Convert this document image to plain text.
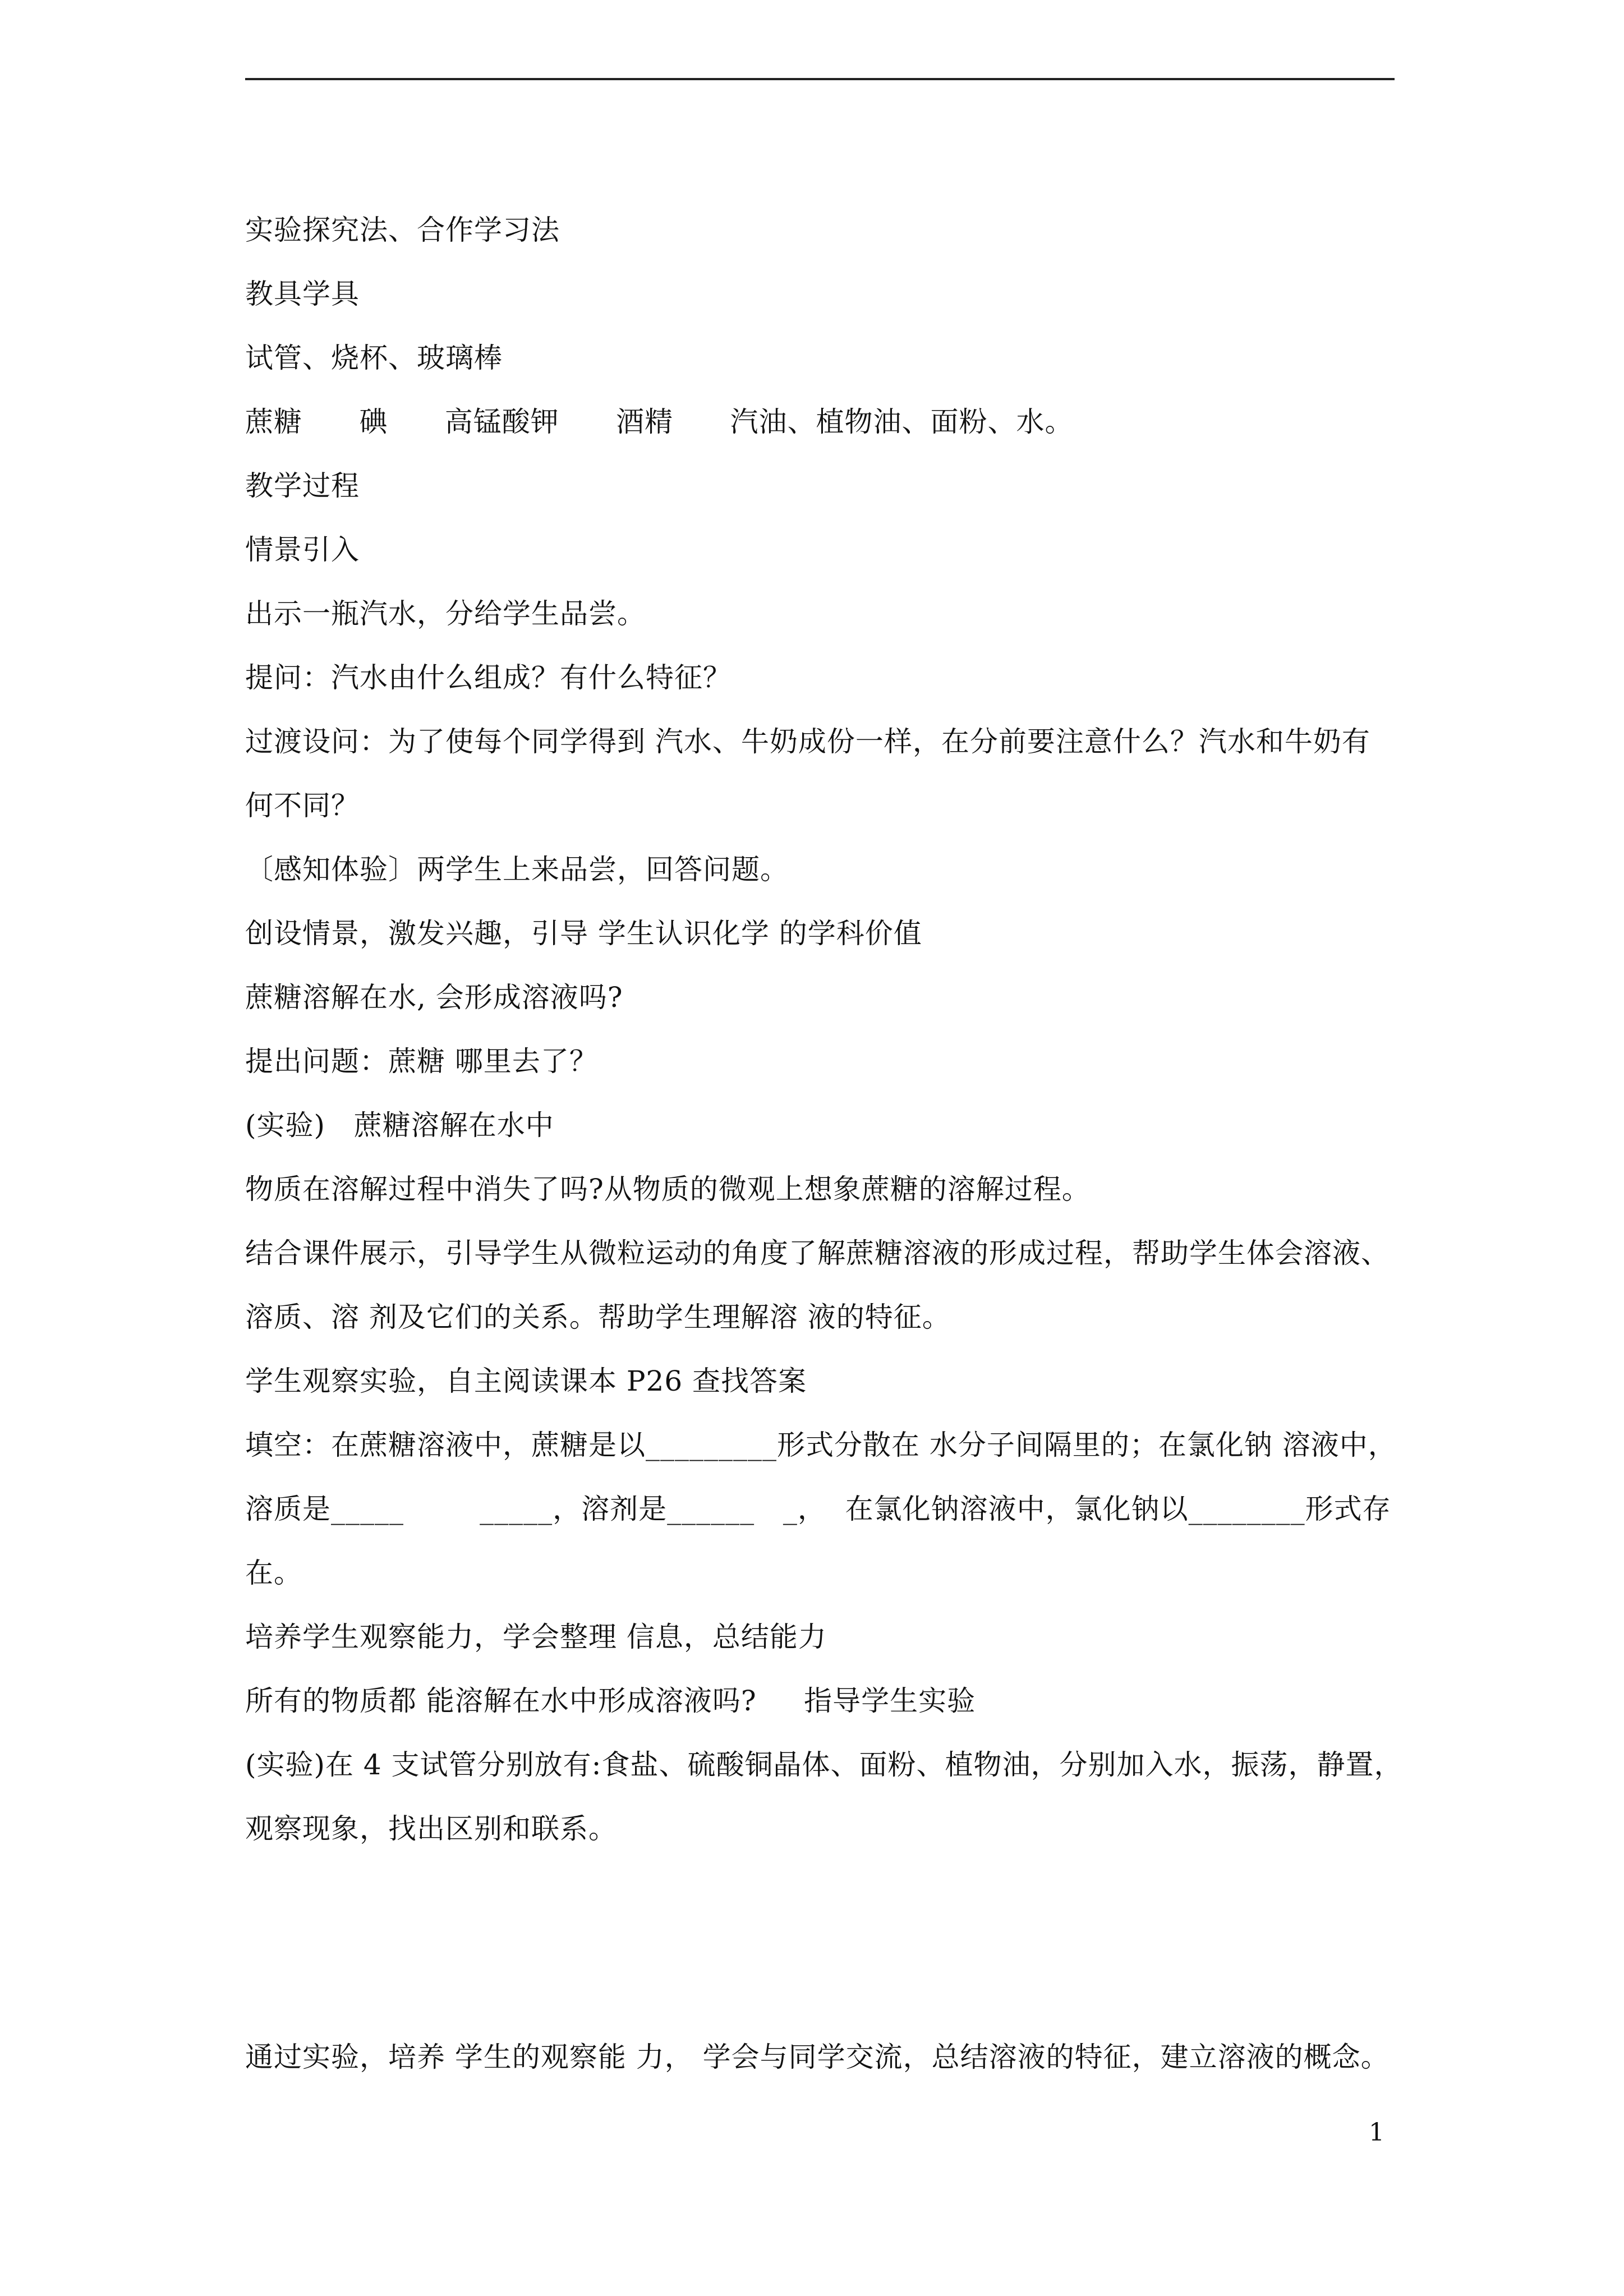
实验探究法、合作学习法
教具学具
试管、烧杯、玻璃棒
蔗糖      碘      高锰酸钾      酒精      汽油、植物油、面粉、水。
教学过程
情景引入
出示一瓶汽水，分给学生品尝。
提问：汽水由什么组成？有什么特征？
过渡设问：为了使每个同学得到 汽水、牛奶成份一样，在分前要注意什么？汽水和牛奶有
何不同？
〔感知体验〕两学生上来品尝，回答问题。
创设情景，激发兴趣，引导 学生认识化学 的学科价值
蔗糖溶解在水, 会形成溶液吗?
提出问题：蔗糖 哪里去了？
(实验)   蔗糖溶解在水中
物质在溶解过程中消失了吗?从物质的微观上想象蔗糖的溶解过程。
结合课件展示，引导学生从微粒运动的角度了解蔗糖溶液的形成过程，帮助学生体会溶液、
溶质、溶 剂及它们的关系。帮助学生理解溶 液的特征。
学生观察实验，自主阅读课本 P26 查找答案
填空：在蔗糖溶液中，蔗糖是以_________形式分散在 水分子间隔里的；在氯化钠 溶液中，
溶质是_____        _____，溶剂是______   _，  在氯化钠溶液中，氯化钠以________形式存
在。
培养学生观察能力，学会整理 信息，总结能力
所有的物质都 能溶解在水中形成溶液吗?     指导学生实验
(实验)在 4 支试管分别放有:食盐、硫酸铜晶体、面粉、植物油，分别加入水，振荡，静置，
观察现象，找出区别和联系。
通过实验，培养 学生的观察能 力， 学会与同学交流，总结溶液的特征，建立溶液的概念。
1
